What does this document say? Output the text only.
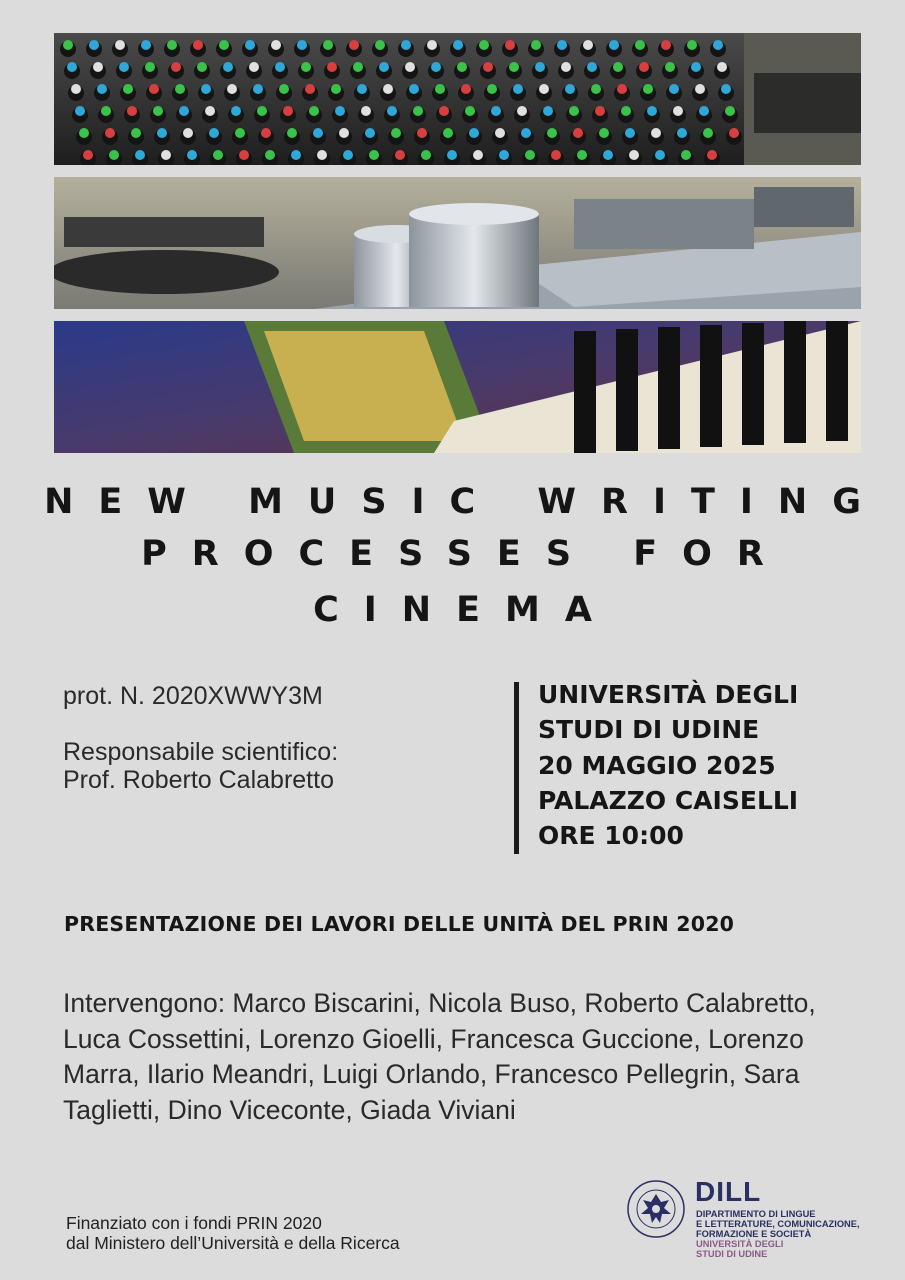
NEW MUSIC WRITING
PROCESSES FOR
CINEMA
prot. N. 2020XWWY3M
Responsabile scientifico:
Prof. Roberto Calabretto
UNIVERSITÀ DEGLI
STUDI DI UDINE
20 MAGGIO 2025
PALAZZO CAISELLI
ORE 10:00
PRESENTAZIONE DEI LAVORI DELLE UNITÀ DEL PRIN 2020
Intervengono: Marco Biscarini, Nicola Buso, Roberto Calabretto, Luca Cossettini, Lorenzo Gioelli, Francesca Guccione, Lorenzo Marra, Ilario Meandri, Luigi Orlando, Francesco Pellegrin, Sara Taglietti, Dino Viceconte, Giada Viviani
Finanziato con i fondi PRIN 2020
dal Ministero dell’Università e della Ricerca
DILL
DIPARTIMENTO DI LINGUE
E LETTERATURE, COMUNICAZIONE,
FORMAZIONE E SOCIETÀ
UNIVERSITÀ DEGLI
STUDI DI UDINE
